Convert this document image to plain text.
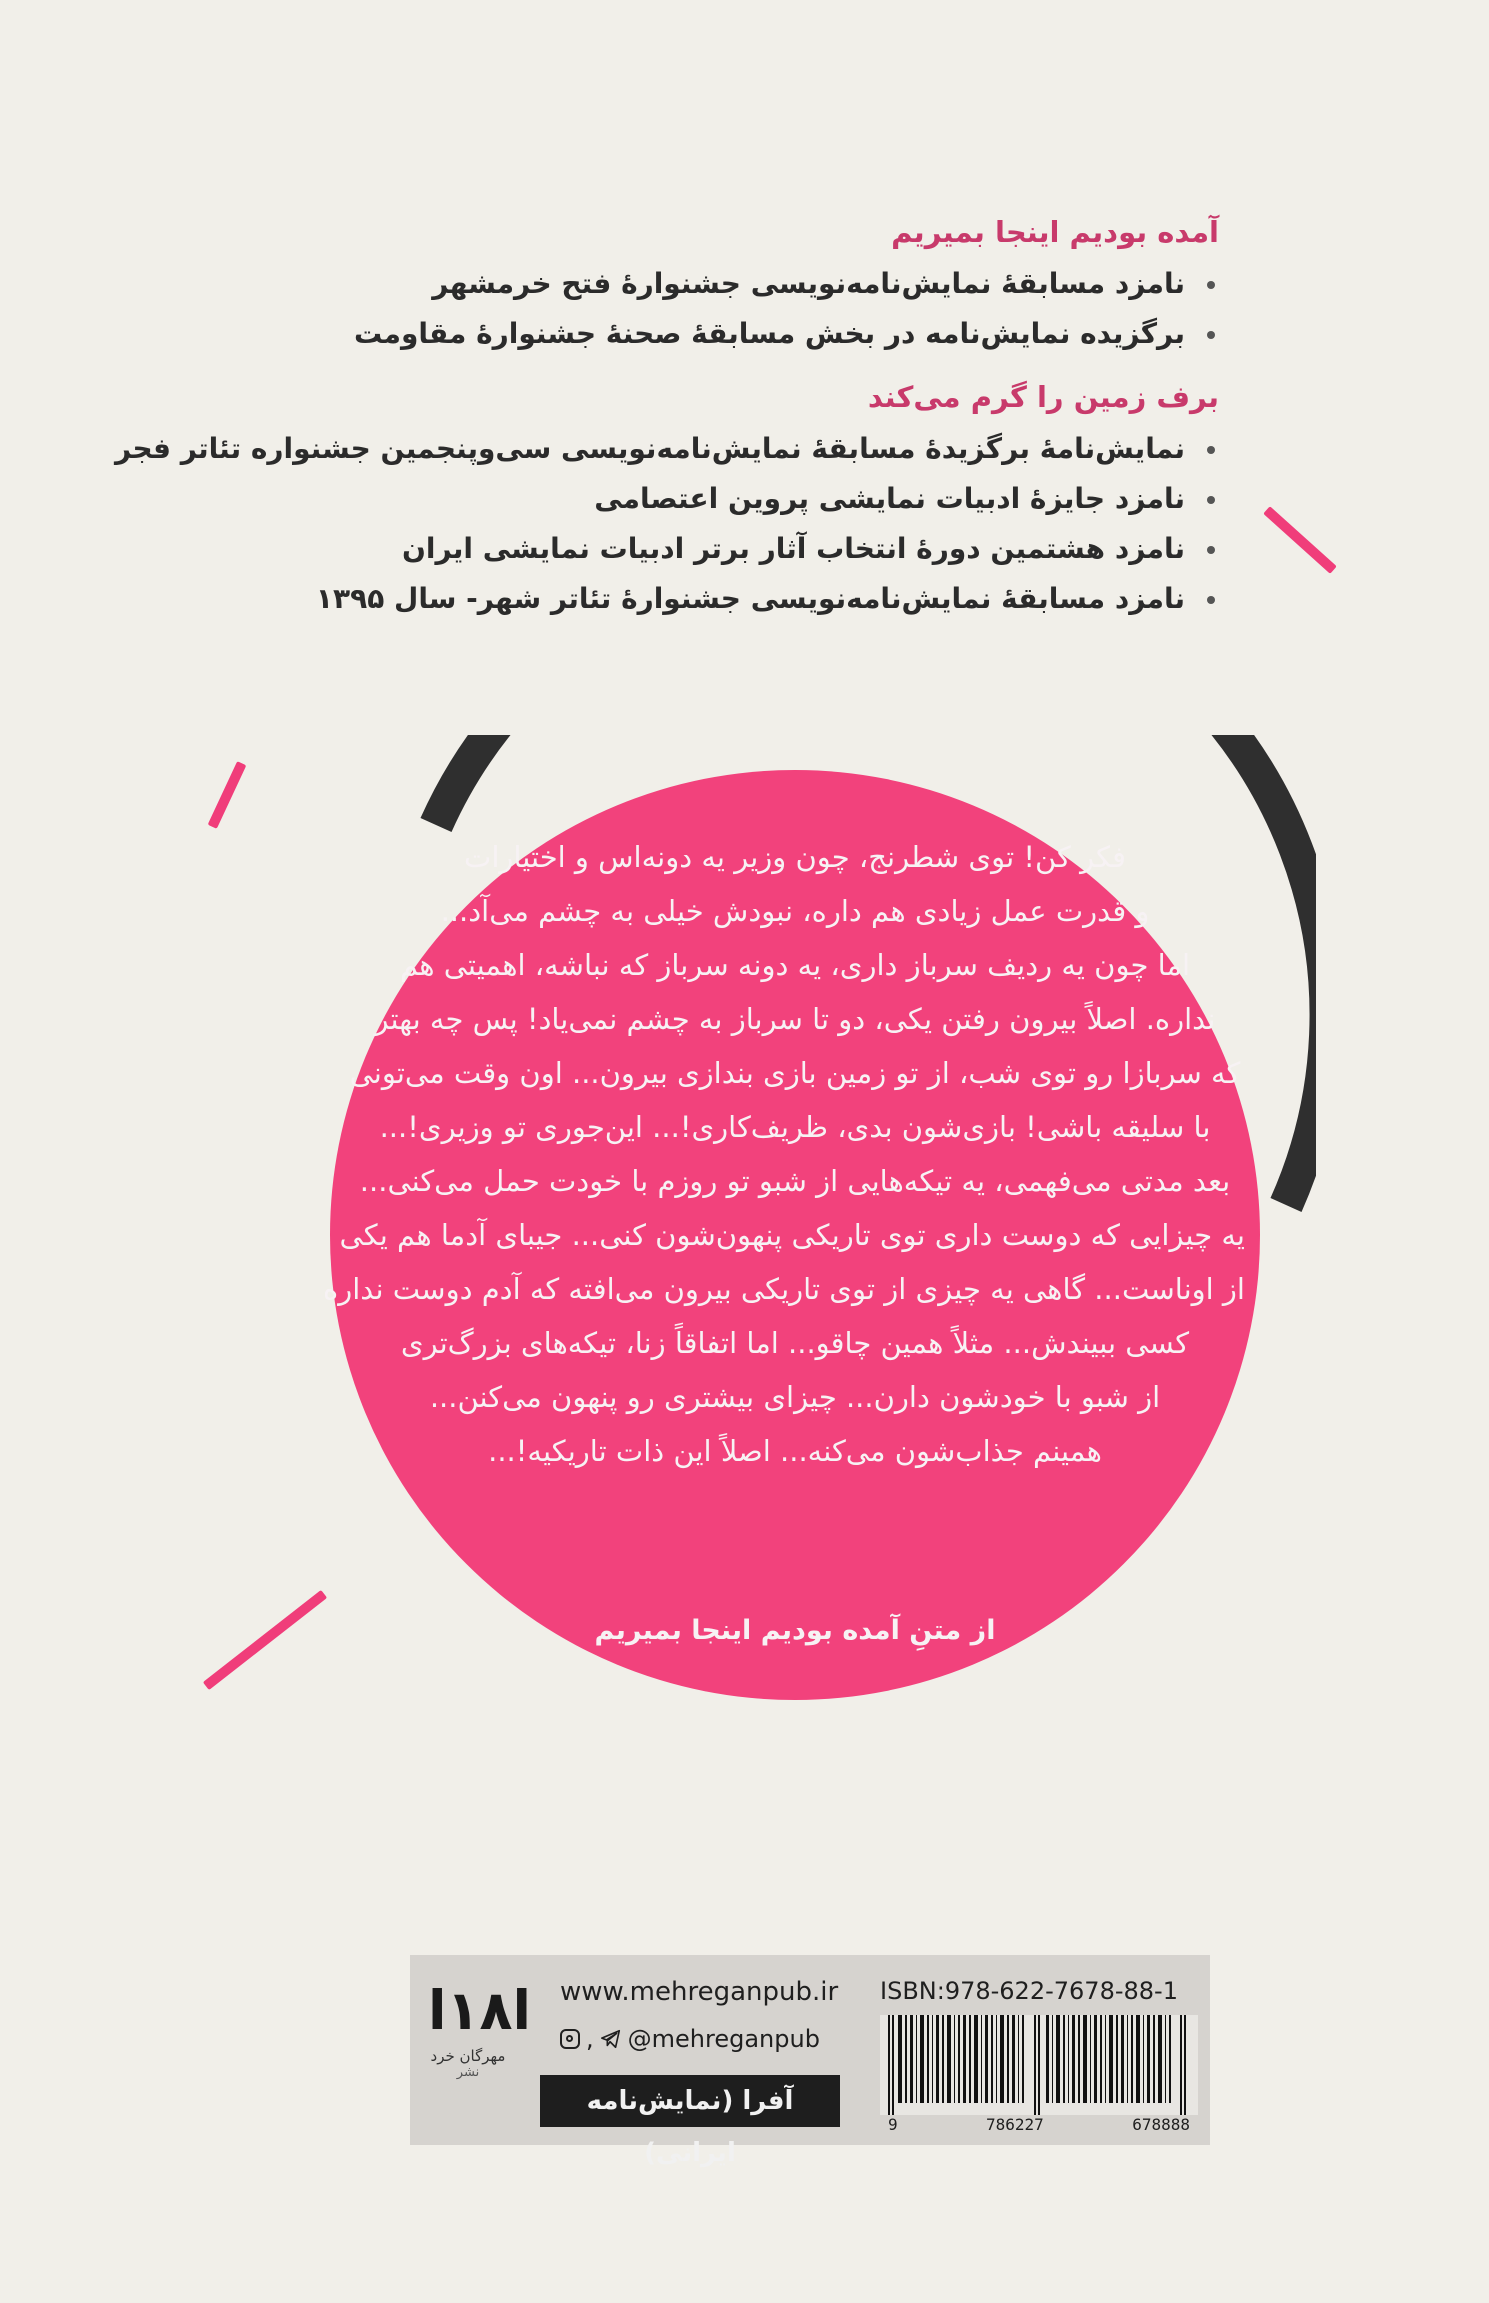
آمده بودیم اینجا بمیریم
نامزد مسابقهٔ نمایش‌نامه‌نویسی جشنوارهٔ فتح خرمشهر
برگزیده نمایش‌نامه در بخش مسابقهٔ صحنهٔ جشنوارهٔ مقاومت
برف زمین را گرم می‌کند
نمایش‌نامهٔ برگزیدهٔ مسابقهٔ نمایش‌نامه‌نویسی سی‌وپنجمین جشنواره تئاتر فجر
نامزد جایزهٔ ادبیات نمایشی پروین اعتصامی
نامزد هشتمین دورهٔ انتخاب آثار برتر ادبیات نمایشی ایران
نامزد مسابقهٔ نمایش‌نامه‌نویسی جشنوارهٔ تئاتر شهر- سال ۱۳۹۵

فکر کن! توی شطرنج، چون وزیر یه دونه‌اس و اختیارات

و قدرت عمل زیادی هم داره، نبودش خیلی به چشم می‌آد...

اما چون یه ردیف سرباز داری، یه دونه سرباز که نباشه، اهمیتی هم

نداره. اصلاً بیرون رفتن یکی، دو تا سرباز به چشم نمی‌یاد! پس چه بهتر

که سربازا رو توی شب، از تو زمین بازی بندازی بیرون... اون وقت می‌تونی

با سلیقه باشی! بازی‌شون بدی، ظریف‌کاری!... این‌جوری تو وزیری!...

بعد مدتی می‌فهمی، یه تیکه‌هایی از شبو تو روزم با خودت حمل می‌کنی...

یه چیزایی که دوست داری توی تاریکی پنهون‌شون کنی... جیبای آدما هم یکی

از اوناست... گاهی یه چیزی از توی تاریکی بیرون می‌افته که آدم دوست نداره

کسی ببیندش... مثلاً همین چاقو... اما اتفاقاً زنا، تیکه‌های بزرگ‌تری

از شبو با خودشون دارن... چیزای بیشتری رو پنهون می‌کنن...

همینم جذاب‌شون می‌کنه... اصلاً این ذات تاریکیه!...

از متنِ آمده بودیم اینجا بمیریم
ا۱۸ا
مهرگان خرد
نشر
www.mehreganpub.ir
, @mehreganpub
آفرا (نمایش‌نامه ایرانی)
ISBN:978-622-7678-88-1
9	786227	678888
